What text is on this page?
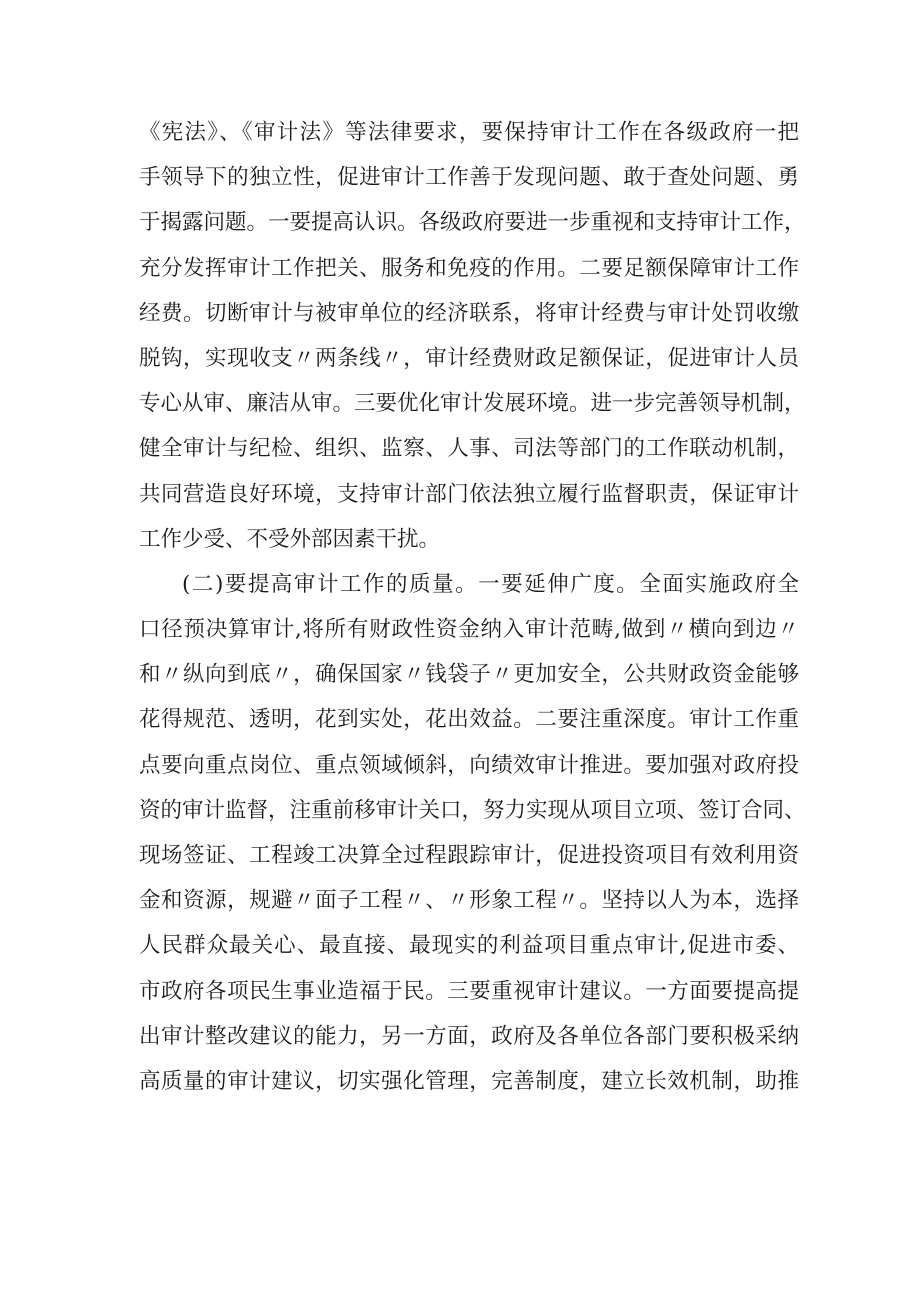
《宪法》、《审计法》等法律要求，要保持审计工作在各级政府一把
手领导下的独立性，促进审计工作善于发现问题、敢于查处问题、勇
于揭露问题。一要提高认识。各级政府要进一步重视和支持审计工作，
充分发挥审计工作把关、服务和免疫的作用。二要足额保障审计工作
经费。切断审计与被审单位的经济联系，将审计经费与审计处罚收缴
脱钩，实现收支〃两条线〃，审计经费财政足额保证，促进审计人员
专心从审、廉洁从审。三要优化审计发展环境。进一步完善领导机制，
健全审计与纪检、组织、监察、人事、司法等部门的工作联动机制，
共同营造良好环境，支持审计部门依法独立履行监督职责，保证审计
工作少受、不受外部因素干扰。
(二)要提高审计工作的质量。一要延伸广度。全面实施政府全
口径预决算审计,将所有财政性资金纳入审计范畴,做到〃横向到边〃
和〃纵向到底〃，确保国家〃钱袋子〃更加安全，公共财政资金能够
花得规范、透明，花到实处，花出效益。二要注重深度。审计工作重
点要向重点岗位、重点领域倾斜，向绩效审计推进。要加强对政府投
资的审计监督，注重前移审计关口，努力实现从项目立项、签订合同、
现场签证、工程竣工决算全过程跟踪审计，促进投资项目有效利用资
金和资源，规避〃面子工程〃、〃形象工程〃。坚持以人为本，选择
人民群众最关心、最直接、最现实的利益项目重点审计,促进市委、
市政府各项民生事业造福于民。三要重视审计建议。一方面要提高提
出审计整改建议的能力，另一方面，政府及各单位各部门要积极采纳
高质量的审计建议，切实强化管理，完善制度，建立长效机制，助推
